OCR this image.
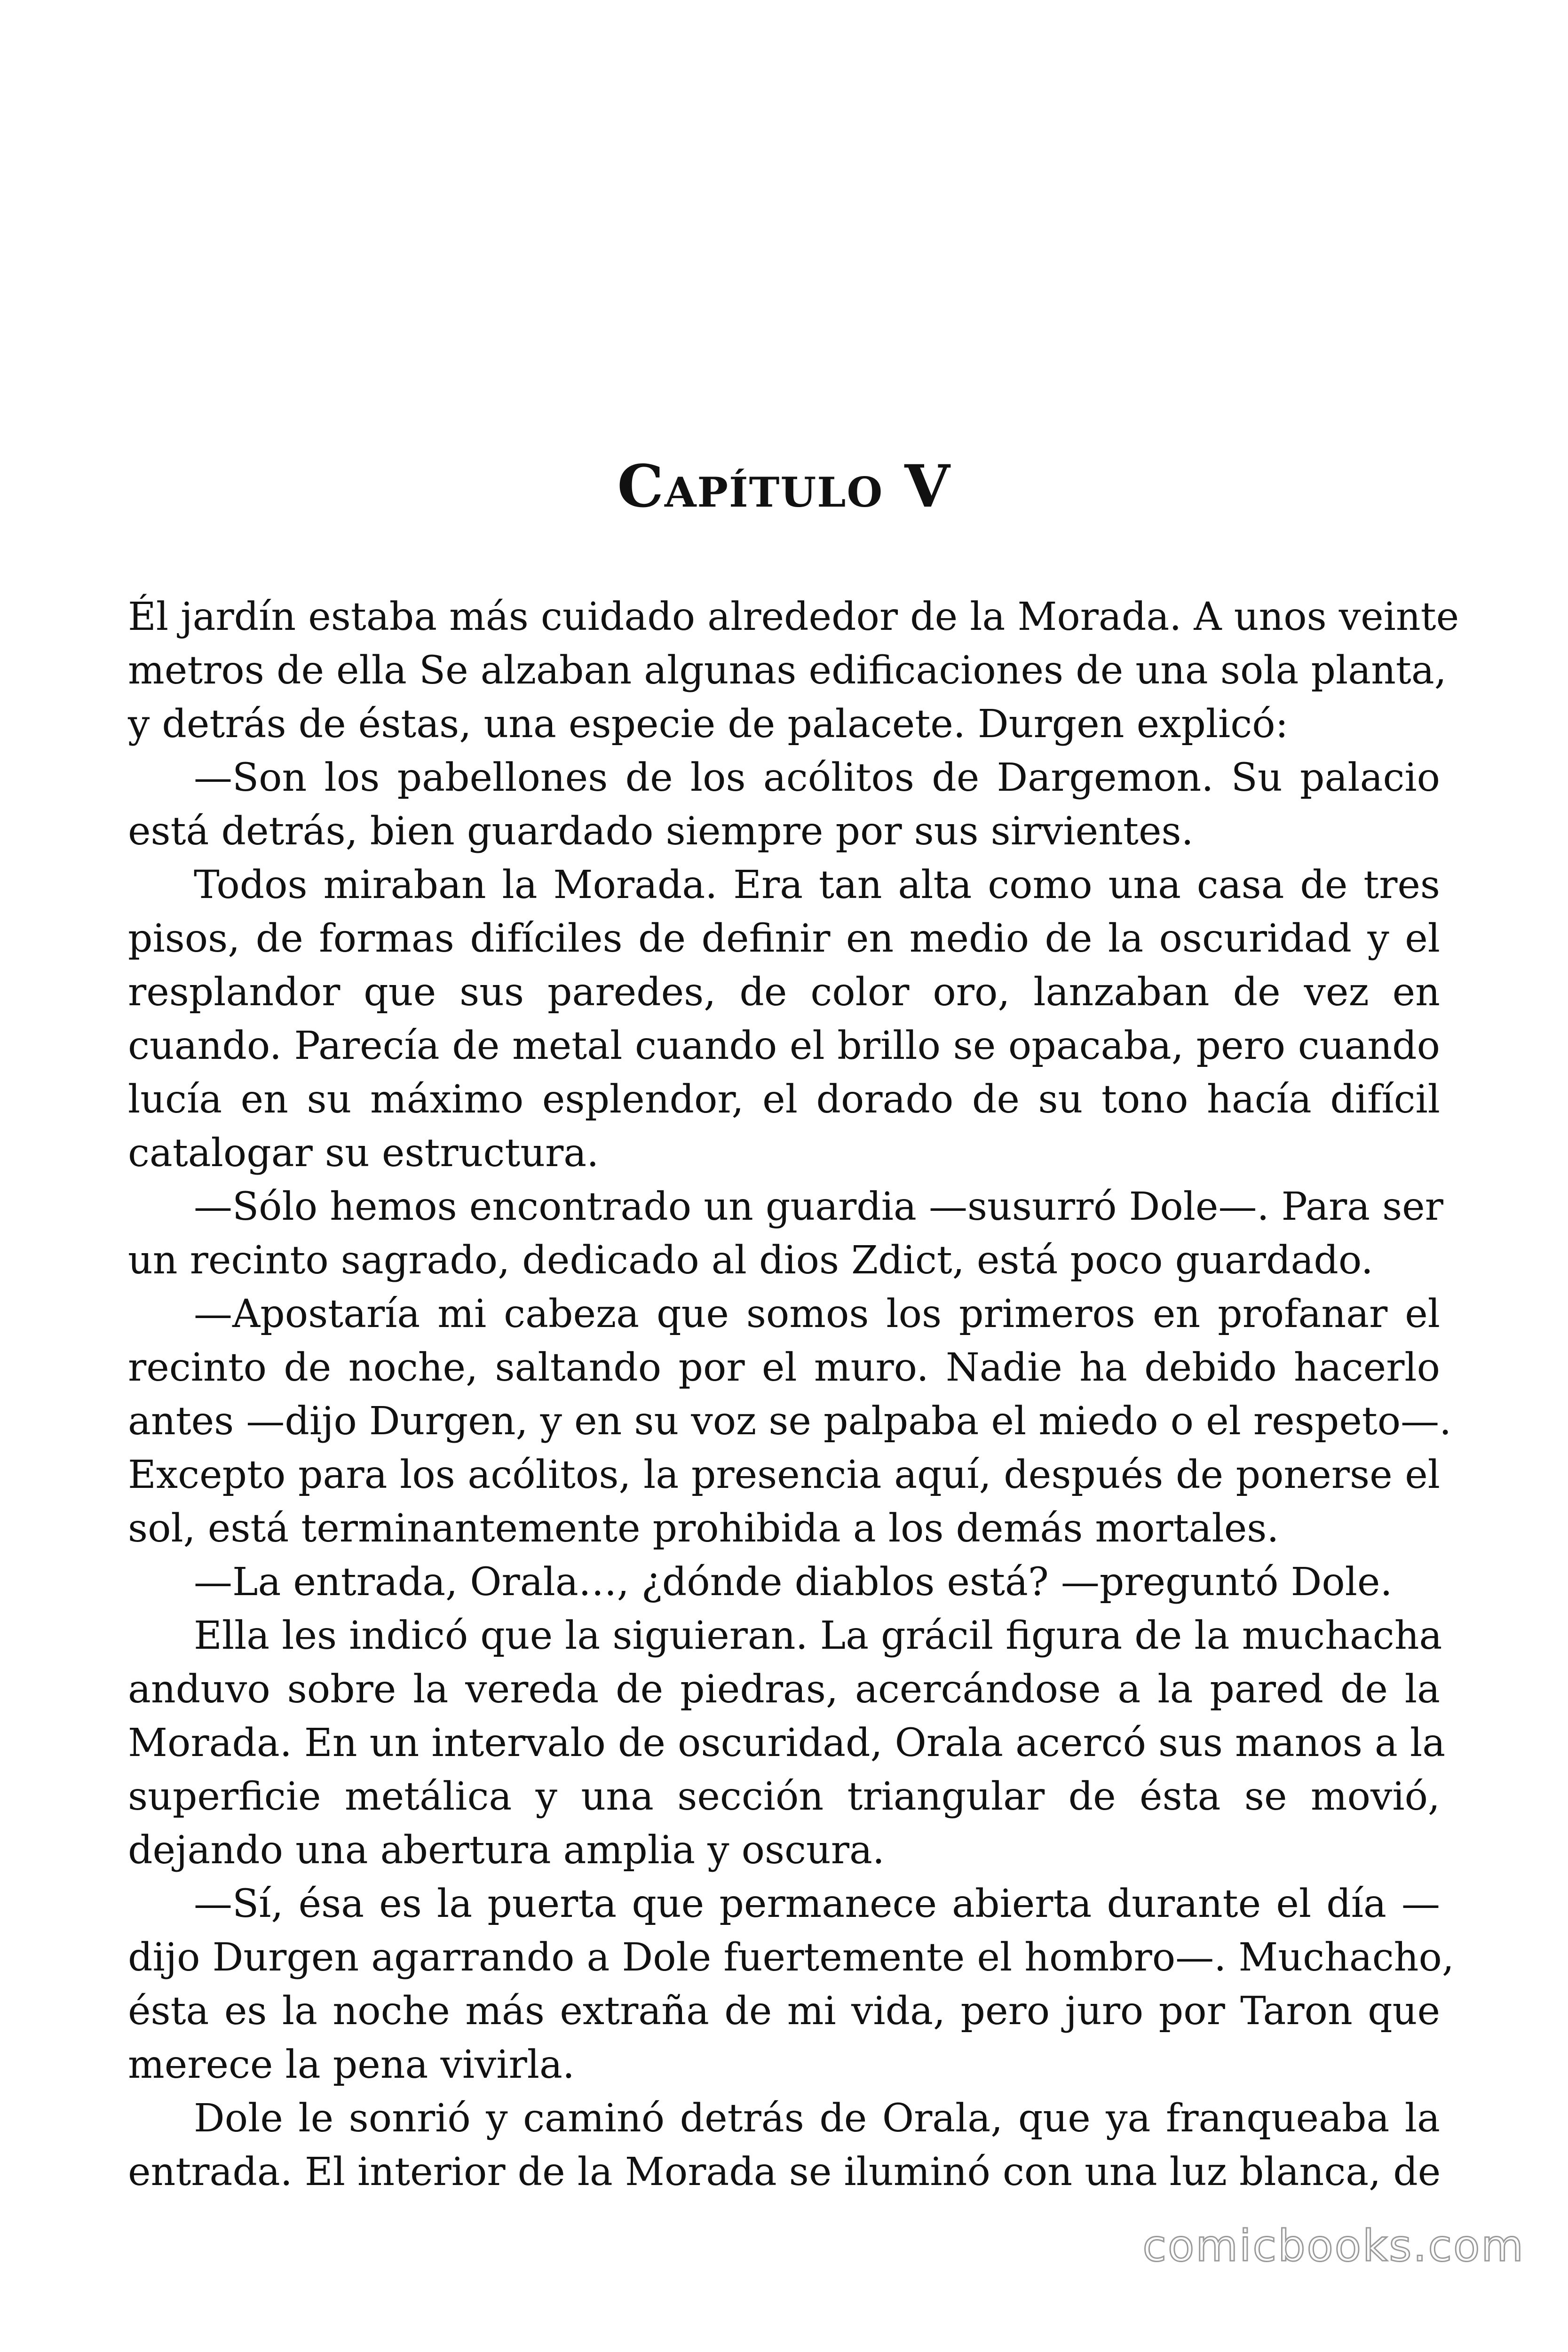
Capítulo V
Él jardín estaba más cuidado alrededor de la Morada. A unos veinte
metros de ella Se alzaban algunas edificaciones de una sola planta,
y detrás de éstas, una especie de palacete. Durgen explicó:
—Son los pabellones de los acólitos de Dargemon. Su palacio
está detrás, bien guardado siempre por sus sirvientes.
Todos miraban la Morada. Era tan alta como una casa de tres
pisos, de formas difíciles de definir en medio de la oscuridad y el
resplandor que sus paredes, de color oro, lanzaban de vez en
cuando. Parecía de metal cuando el brillo se opacaba, pero cuando
lucía en su máximo esplendor, el dorado de su tono hacía difícil
catalogar su estructura.
—Sólo hemos encontrado un guardia —susurró Dole—. Para ser
un recinto sagrado, dedicado al dios Zdict, está poco guardado.
—Apostaría mi cabeza que somos los primeros en profanar el
recinto de noche, saltando por el muro. Nadie ha debido hacerlo
antes —dijo Durgen, y en su voz se palpaba el miedo o el respeto—.
Excepto para los acólitos, la presencia aquí, después de ponerse el
sol, está terminantemente prohibida a los demás mortales.
—La entrada, Orala…, ¿dónde diablos está? —preguntó Dole.
Ella les indicó que la siguieran. La grácil figura de la muchacha
anduvo sobre la vereda de piedras, acercándose a la pared de la
Morada. En un intervalo de oscuridad, Orala acercó sus manos a la
superficie metálica y una sección triangular de ésta se movió,
dejando una abertura amplia y oscura.
—Sí, ésa es la puerta que permanece abierta durante el día —
dijo Durgen agarrando a Dole fuertemente el hombro—. Muchacho,
ésta es la noche más extraña de mi vida, pero juro por Taron que
merece la pena vivirla.
Dole le sonrió y caminó detrás de Orala, que ya franqueaba la
entrada. El interior de la Morada se iluminó con una luz blanca, de
comicbooks.com
